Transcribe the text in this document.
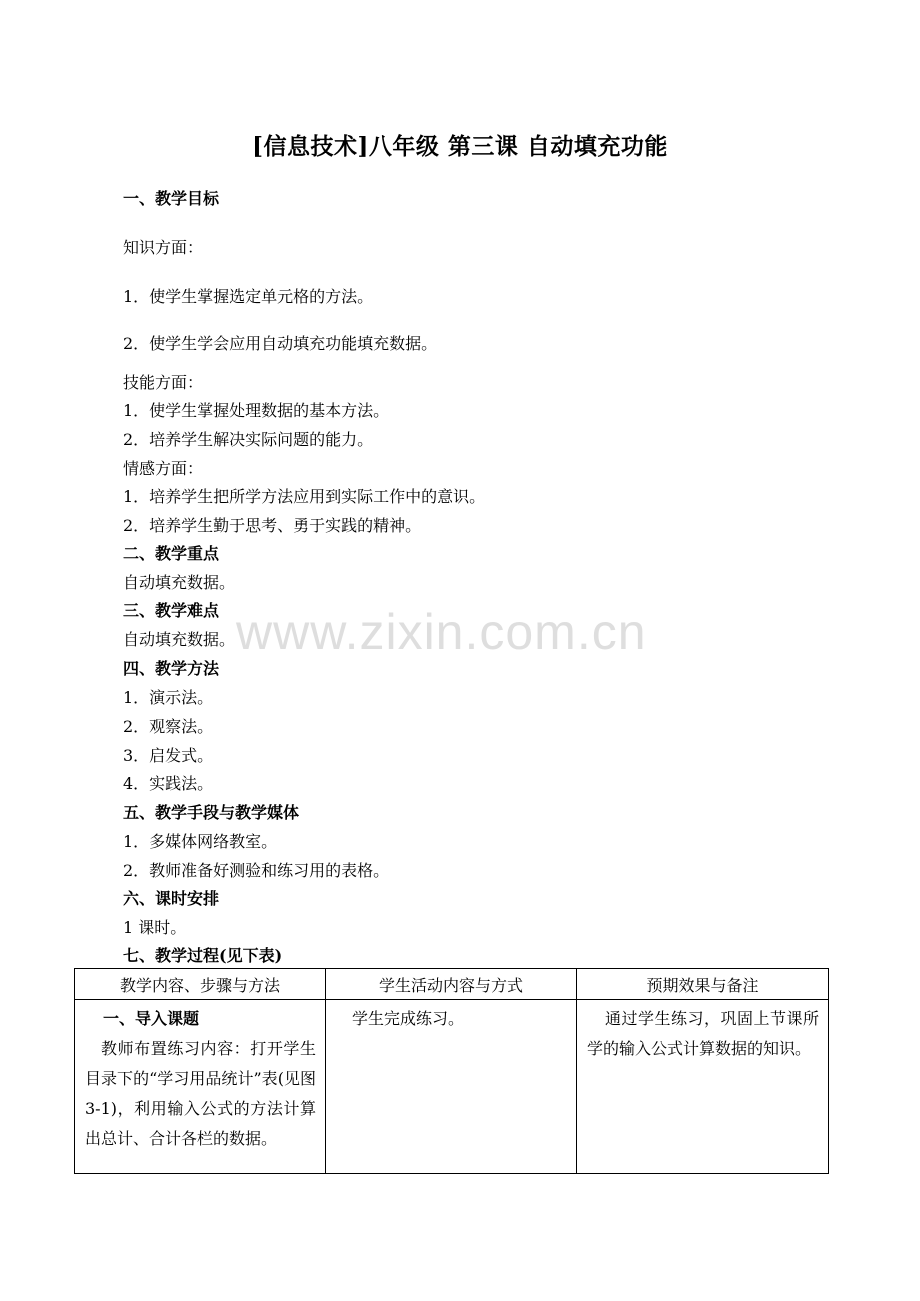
[信息技术]八年级 第三课 自动填充功能
一、教学目标
知识方面：
1．使学生掌握选定单元格的方法。
2．使学生学会应用自动填充功能填充数据。
技能方面：
1．使学生掌握处理数据的基本方法。
2．培养学生解决实际问题的能力。
情感方面：
1．培养学生把所学方法应用到实际工作中的意识。
2．培养学生勤于思考、勇于实践的精神。
二、教学重点
自动填充数据。
三、教学难点
自动填充数据。
四、教学方法
1．演示法。
2．观察法。
3．启发式。
4．实践法。
五、教学手段与教学媒体
1．多媒体网络教室。
2．教师准备好测验和练习用的表格。
六、课时安排
1 课时。
七、教学过程(见下表)
www.zixin.com.cn
教学内容、步骤与方法	学生活动内容与方式	预期效果与备注

一、导入课题
教师布置练习内容：打开学生目录下的“学习用品统计”表(见图 3-1)，利用输入公式的方法计算出总计、合计各栏的数据。	学生完成练习。	通过学生练习，巩固上节课所学的输入公式计算数据的知识。
